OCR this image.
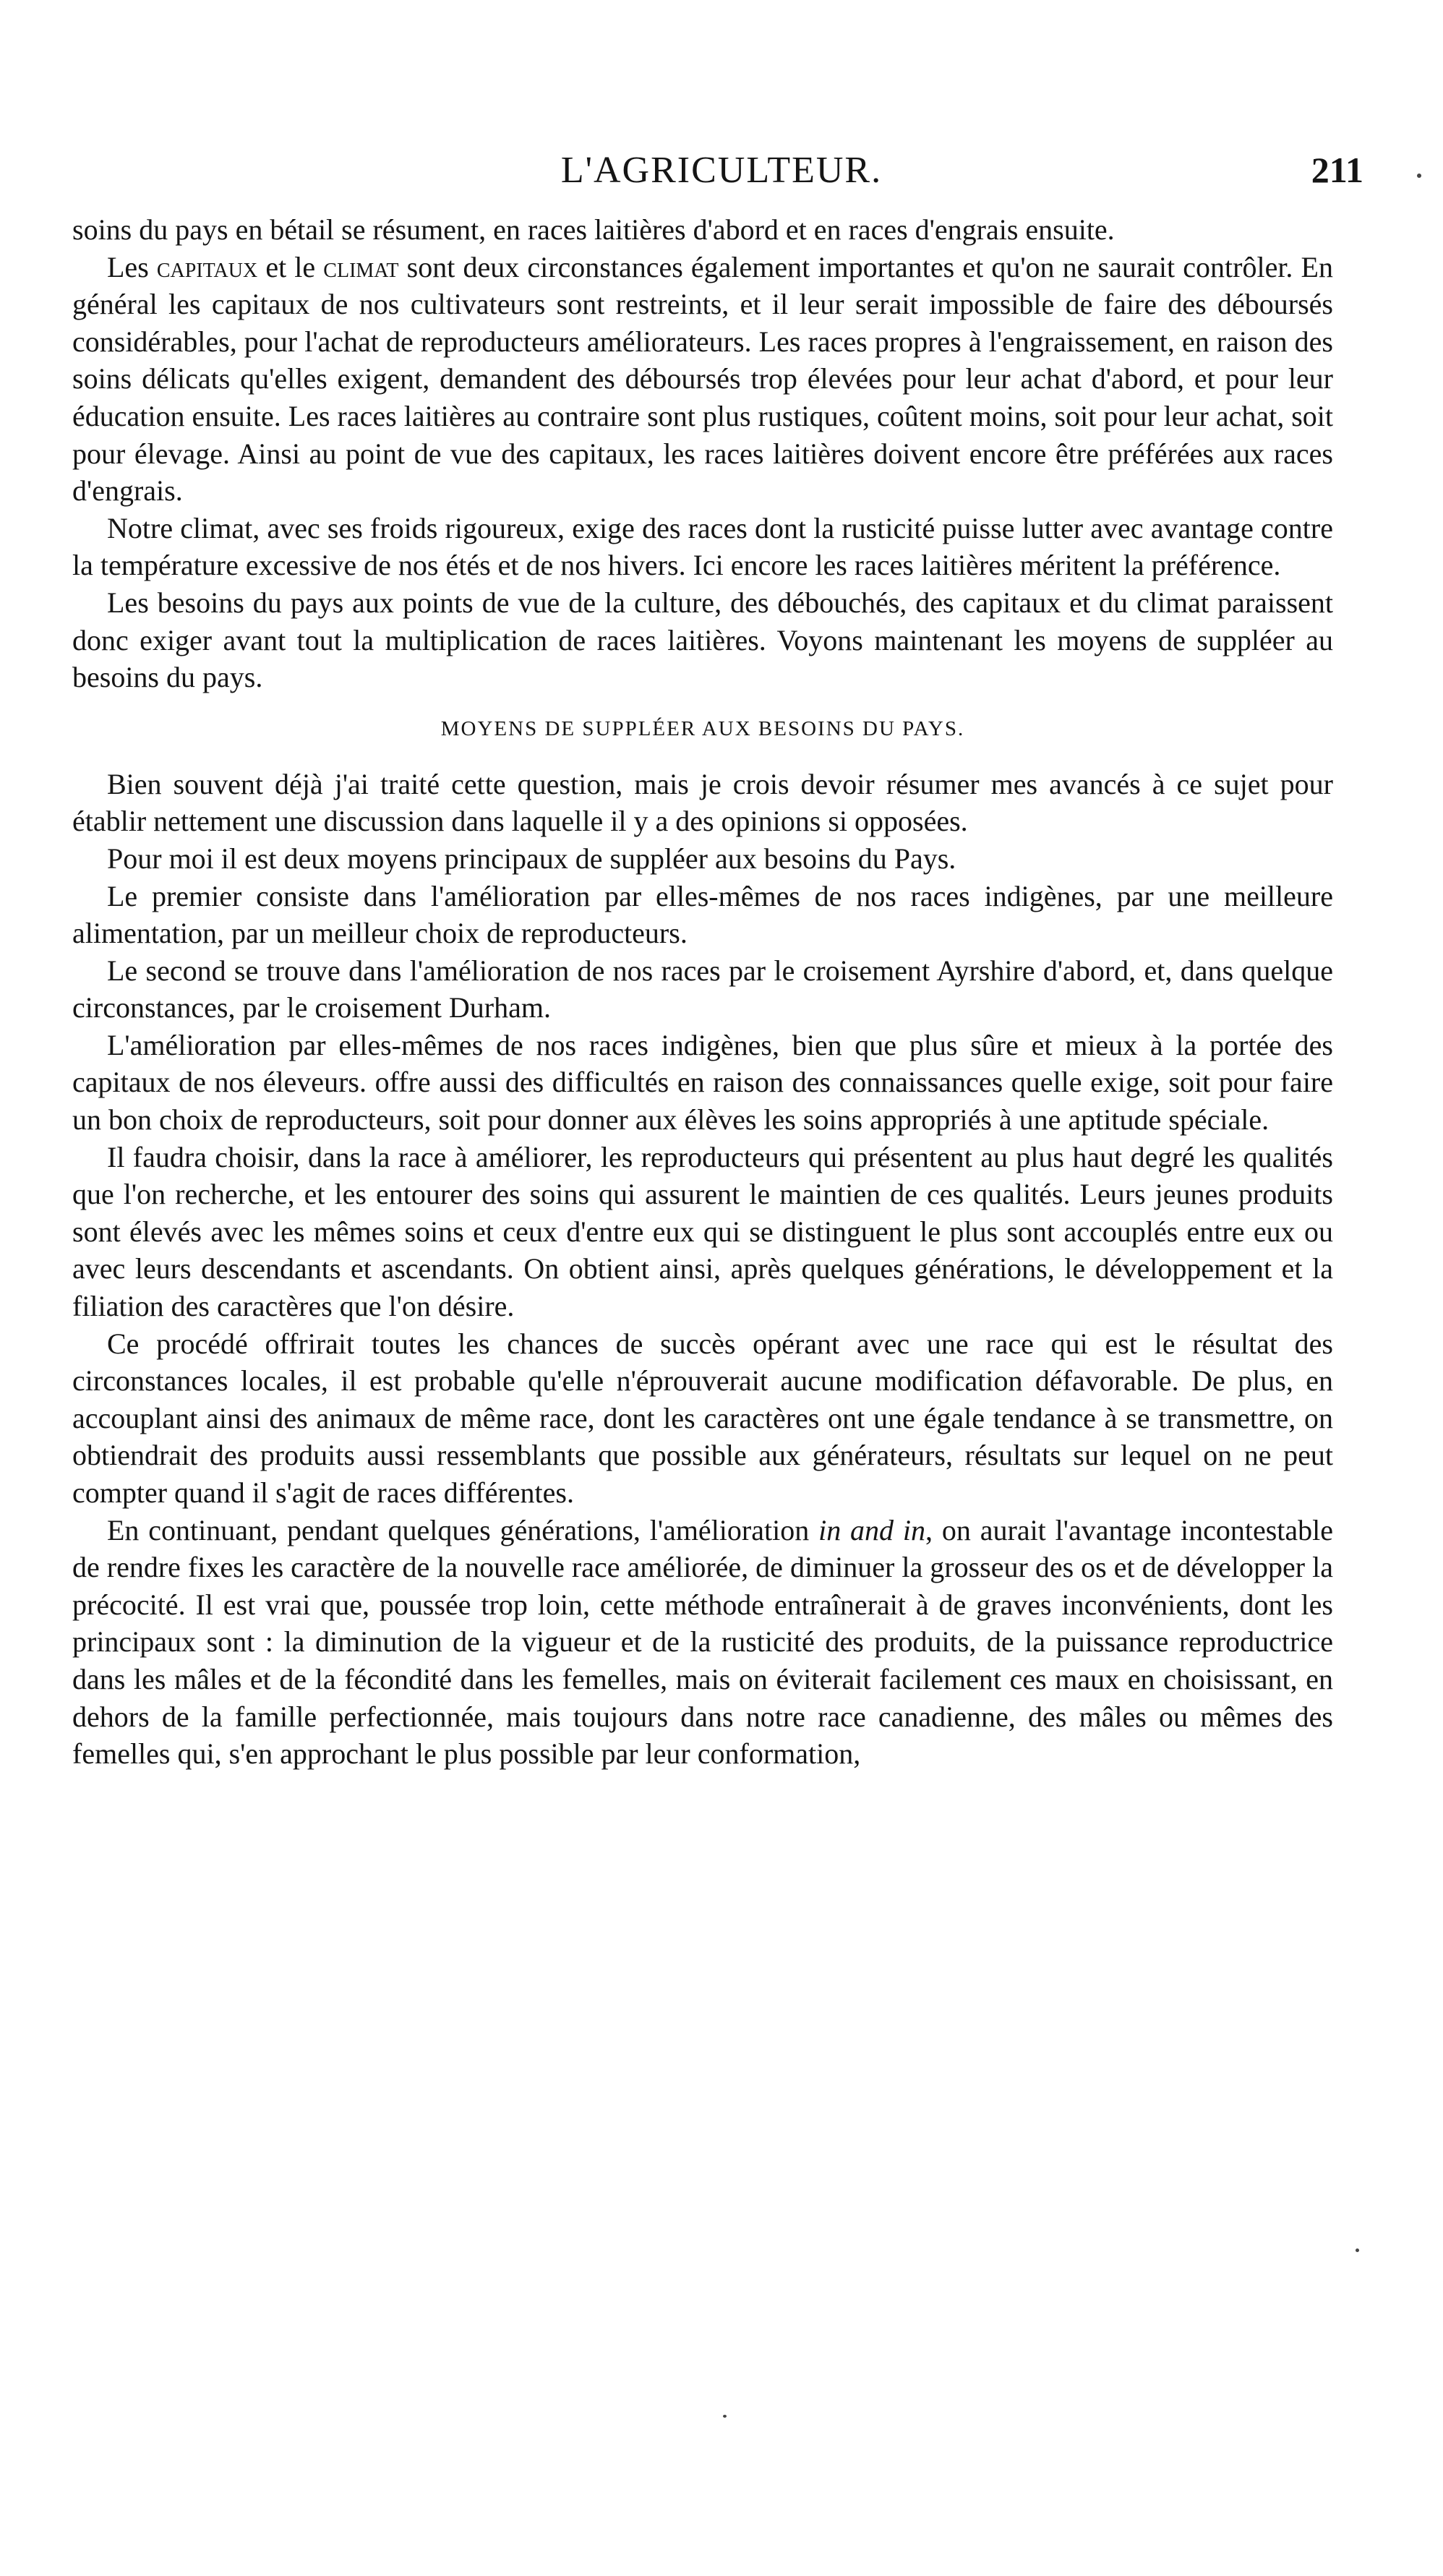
L'AGRICULTEUR.	211

soins du pays en bétail se résument, en races laitières d'abord et en races d'engrais ensuite.

Les capitaux et le climat sont deux circonstances également importantes et qu'on ne saurait contrôler. En général les capitaux de nos cultivateurs sont restreints, et il leur serait impossible de faire des déboursés considérables, pour l'achat de reproducteurs améliorateurs. Les races propres à l'engraissement, en raison des soins délicats qu'elles exigent, demandent des déboursés trop élevées pour leur achat d'abord, et pour leur éducation ensuite. Les races laitières au contraire sont plus rustiques, coûtent moins, soit pour leur achat, soit pour élevage. Ainsi au point de vue des capitaux, les races laitières doivent encore être préférées aux races d'engrais.

Notre climat, avec ses froids rigoureux, exige des races dont la rusticité puisse lutter avec avantage contre la température excessive de nos étés et de nos hivers. Ici encore les races laitières méritent la préférence.

Les besoins du pays aux points de vue de la culture, des débouchés, des capitaux et du climat paraissent donc exiger avant tout la multiplication de races laitières. Voyons maintenant les moyens de suppléer au besoins du pays.

MOYENS DE SUPPLÉER AUX BESOINS DU PAYS.

Bien souvent déjà j'ai traité cette question, mais je crois devoir résumer mes avancés à ce sujet pour établir nettement une discussion dans laquelle il y a des opinions si opposées.

Pour moi il est deux moyens principaux de suppléer aux besoins du Pays.

Le premier consiste dans l'amélioration par elles-mêmes de nos races indigènes, par une meilleure alimentation, par un meilleur choix de reproducteurs.

Le second se trouve dans l'amélioration de nos races par le croisement Ayrshire d'abord, et, dans quelque circonstances, par le croisement Durham.

L'amélioration par elles-mêmes de nos races indigènes, bien que plus sûre et mieux à la portée des capitaux de nos éleveurs. offre aussi des difficultés en raison des connaissances quelle exige, soit pour faire un bon choix de reproducteurs, soit pour donner aux élèves les soins appropriés à une aptitude spéciale.

Il faudra choisir, dans la race à améliorer, les reproducteurs qui présentent au plus haut degré les qualités que l'on recherche, et les entourer des soins qui assurent le maintien de ces qualités. Leurs jeunes produits sont élevés avec les mêmes soins et ceux d'entre eux qui se distinguent le plus sont accouplés entre eux ou avec leurs descendants et ascendants. On obtient ainsi, après quelques générations, le développement et la filiation des caractères que l'on désire.

Ce procédé offrirait toutes les chances de succès opérant avec une race qui est le résultat des circonstances locales, il est probable qu'elle n'éprouverait aucune modification défavorable. De plus, en accouplant ainsi des animaux de même race, dont les caractères ont une égale tendance à se transmettre, on obtiendrait des produits aussi ressemblants que possible aux générateurs, résultats sur lequel on ne peut compter quand il s'agit de races différentes.

En continuant, pendant quelques générations, l'amélioration in and in, on aurait l'avantage incontestable de rendre fixes les caractère de la nouvelle race améliorée, de diminuer la grosseur des os et de développer la précocité. Il est vrai que, poussée trop loin, cette méthode entraînerait à de graves inconvénients, dont les principaux sont : la diminution de la vigueur et de la rusticité des produits, de la puissance reproductrice dans les mâles et de la fécondité dans les femelles, mais on éviterait facilement ces maux en choisissant, en dehors de la famille perfectionnée, mais toujours dans notre race canadienne, des mâles ou mêmes des femelles qui, s'en approchant le plus possible par leur conformation,
